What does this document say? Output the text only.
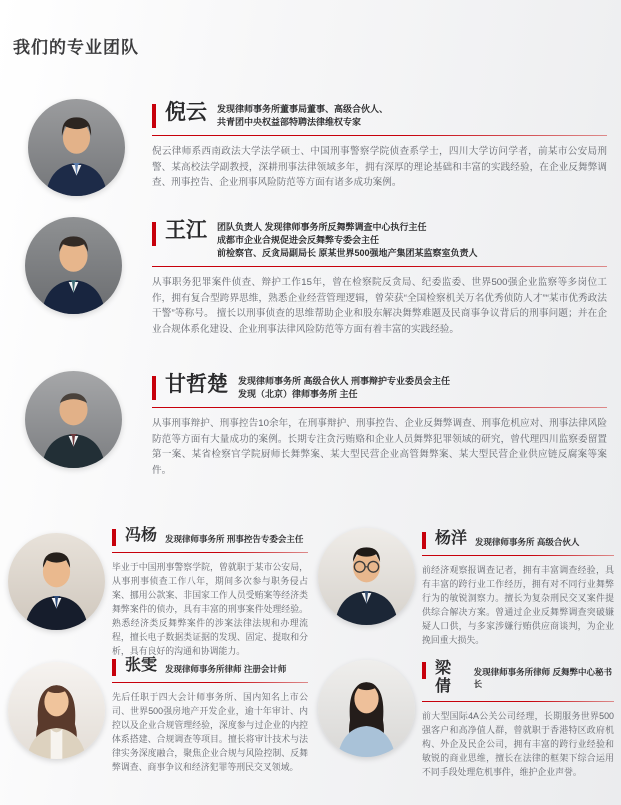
我们的专业团队
倪云 发现律师事务所董事局董事、高级合伙人、
共青团中央权益部特聘法律维权专家
倪云律师系西南政法大学法学硕士、中国刑事警察学院侦查系学士，四川大学访问学者，前某市公安局刑警、某高校法学副教授，深耕刑事法律领域多年，拥有深厚的理论基础和丰富的实践经验，在企业反舞弊调查、刑事控告、企业刑事风险防范等方面有诸多成功案例。
王江 团队负责人 发现律师事务所反舞弊调查中心执行主任
成都市企业合规促进会反舞弊专委会主任
前检察官、反贪局副局长 原某世界500强地产集团某监察室负责人
从事职务犯罪案件侦查、辩护工作15年，曾在检察院反贪局、纪委监委、世界500强企业监察等多岗位工作，拥有复合型跨界思维，熟悉企业经营管理逻辑，曾荣获“全国检察机关万名优秀侦防人才”“某市优秀政法干警”等称号。 擅长以刑事侦查的思维帮助企业和股东解决舞弊难题及民商事争议背后的刑事问题；并在企业合规体系化建设、企业刑事法律风险防范等方面有着丰富的实践经验。
甘哲楚 发现律师事务所 高级合伙人 刑事辩护专业委员会主任
发现（北京）律师事务所 主任
从事刑事辩护、刑事控告10余年，在刑事辩护、刑事控告、企业反舞弊调查、刑事危机应对、刑事法律风险防范等方面有大量成功的案例。长期专注贪污贿赂和企业人员舞弊犯罪领域的研究，曾代理四川监察委留置第一案、某省检察官学院厨师长舞弊案、某大型民营企业高管舞弊案、某大型民营企业供应链反腐案等案件。
冯杨 发现律师事务所 刑事控告专委会主任
毕业于中国刑事警察学院，曾就职于某市公安局，从事刑事侦查工作八年，期间多次参与职务侵占案、挪用公款案、非国家工作人员受贿案等经济类舞弊案件的侦办，具有丰富的刑事案件处理经验。熟悉经济类反舞弊案件的涉案法律法规和办理流程，擅长电子数据类证据的发现、固定、提取和分析，具有良好的沟通和协调能力。
杨洋 发现律师事务所 高级合伙人
前经济观察报调查记者，拥有丰富调查经验，具有丰富的跨行业工作经历，拥有对不同行业舞弊行为的敏锐洞察力。擅长为复杂刑民交叉案件提供综合解决方案。曾通过企业反舞弊调查突破嫌疑人口供，与多家涉嫌行贿供应商谈判，为企业挽回重大损失。
张雯 发现律师事务所律师 注册会计师
先后任职于四大会计师事务所、国内知名上市公司、世界500强房地产开发企业，逾十年审计、内控以及企业合规管理经验，深度参与过企业的内控体系搭建、合规调查等项目。擅长将审计技术与法律实务深度融合，聚焦企业合规与风险控制、反舞弊调查、商事争议和经济犯罪等刑民交叉领域。
梁倩
发现律师事务所律师 反舞弊中心秘书长
前大型国际4A公关公司经理，长期服务世界500强客户和高净值人群，曾就职于香港特区政府机构、外企及民企公司，拥有丰富的跨行业经验和敏锐的商业思维，擅长在法律的框架下综合运用不同手段处理危机事件，维护企业声誉。
